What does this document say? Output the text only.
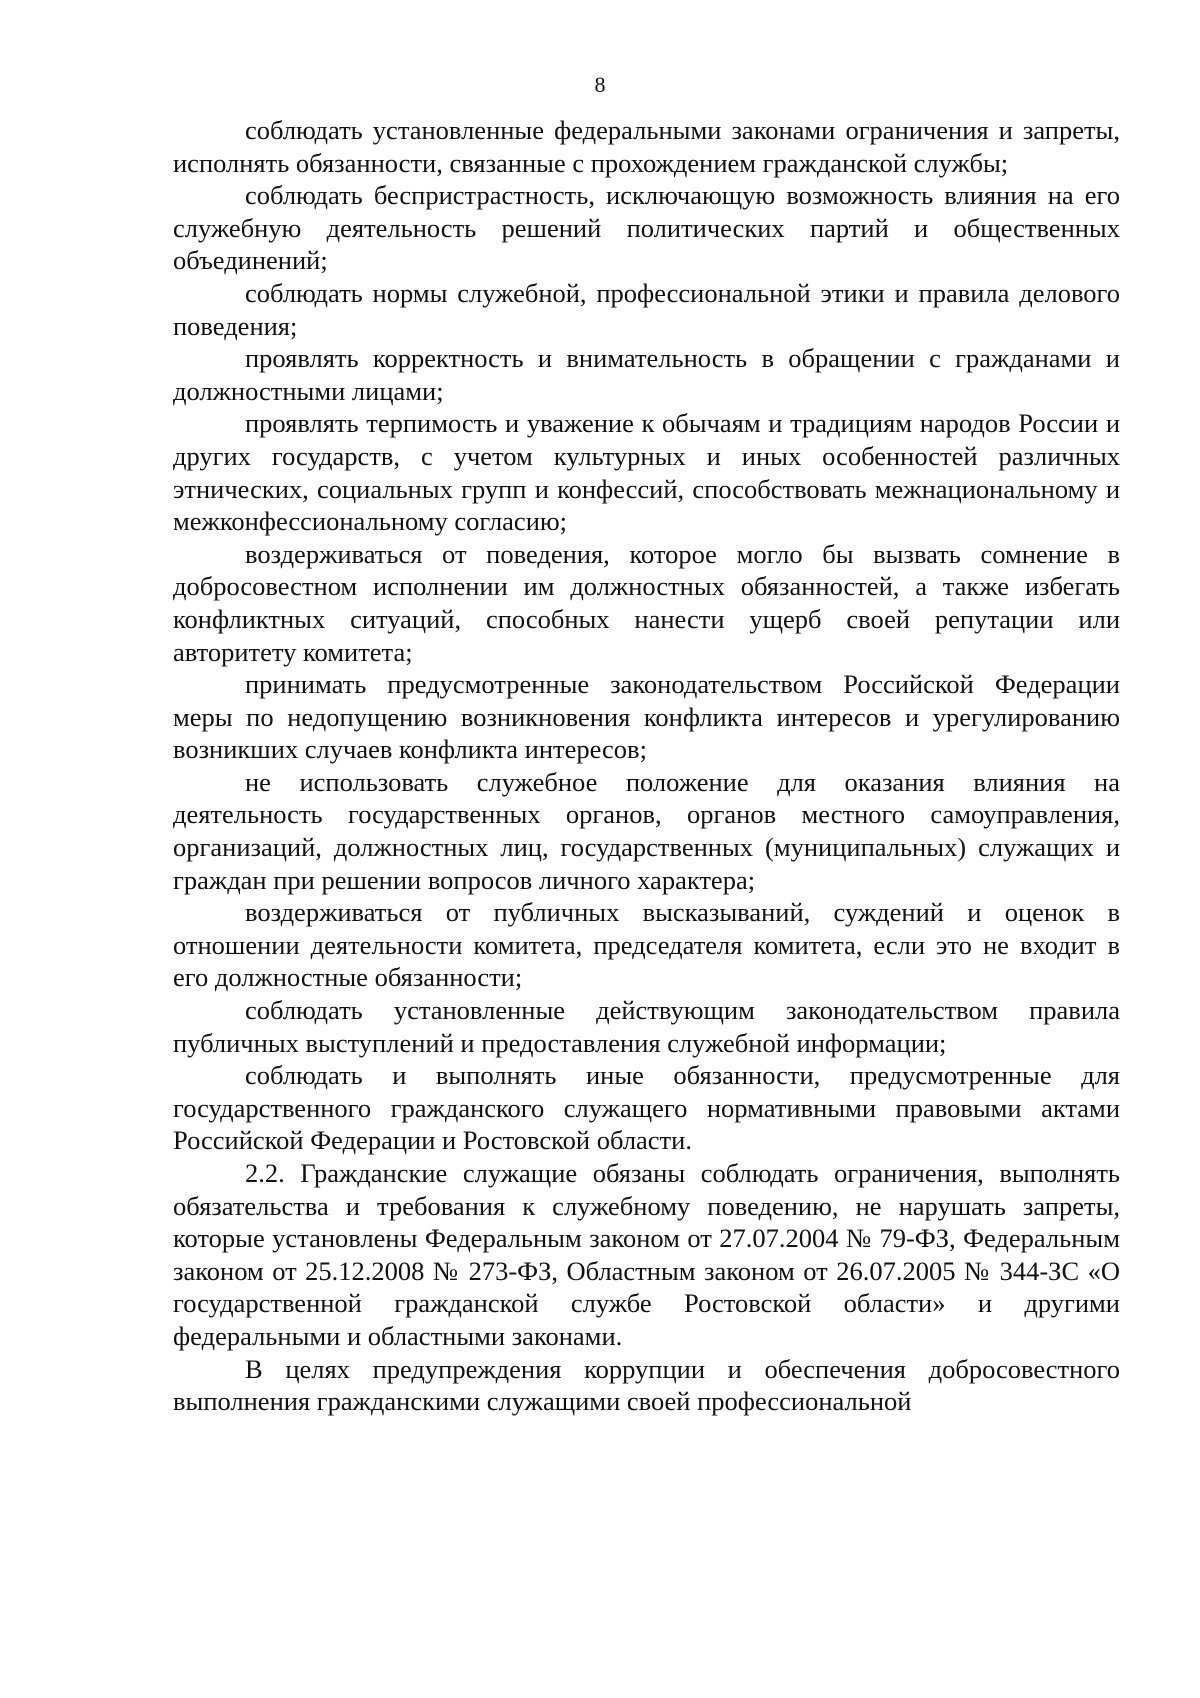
8

соблюдать установленные федеральными законами ограничения и запреты, исполнять обязанности, связанные с прохождением гражданской службы;

соблюдать беспристрастность, исключающую возможность влияния на его служебную деятельность решений политических партий и общественных объединений;

соблюдать нормы служебной, профессиональной этики и правила делового поведения;

проявлять корректность и внимательность в обращении с гражданами и должностными лицами;

проявлять терпимость и уважение к обычаям и традициям народов России и других государств, с учетом культурных и иных особенностей различных этнических, социальных групп и конфессий, способствовать межнациональному и межконфессиональному согласию;

воздерживаться от поведения, которое могло бы вызвать сомнение в добросовестном исполнении им должностных обязанностей, а также избегать конфликтных ситуаций, способных нанести ущерб своей репутации или авторитету комитета;

принимать предусмотренные законодательством Российской Федерации меры по недопущению возникновения конфликта интересов и урегулированию возникших случаев конфликта интересов;

не использовать служебное положение для оказания влияния на деятельность государственных органов, органов местного самоуправления, организаций, должностных лиц, государственных (муниципальных) служащих и граждан при решении вопросов личного характера;

воздерживаться от публичных высказываний, суждений и оценок в отношении деятельности комитета, председателя комитета, если это не входит в его должностные обязанности;

соблюдать установленные действующим законодательством правила публичных выступлений и предоставления служебной информации;

соблюдать и выполнять иные обязанности, предусмотренные для государственного гражданского служащего нормативными правовыми актами Российской Федерации и Ростовской области.

2.2. Гражданские служащие обязаны соблюдать ограничения, выполнять обязательства и требования к служебному поведению, не нарушать запреты, которые установлены Федеральным законом от 27.07.2004 № 79-ФЗ, Федеральным законом от 25.12.2008 № 273-ФЗ, Областным законом от 26.07.2005 № 344-ЗС «О государственной гражданской службе Ростовской области» и другими федеральными и областными законами.

В целях предупреждения коррупции и обеспечения добросовестного выполнения гражданскими служащими своей профессиональной
